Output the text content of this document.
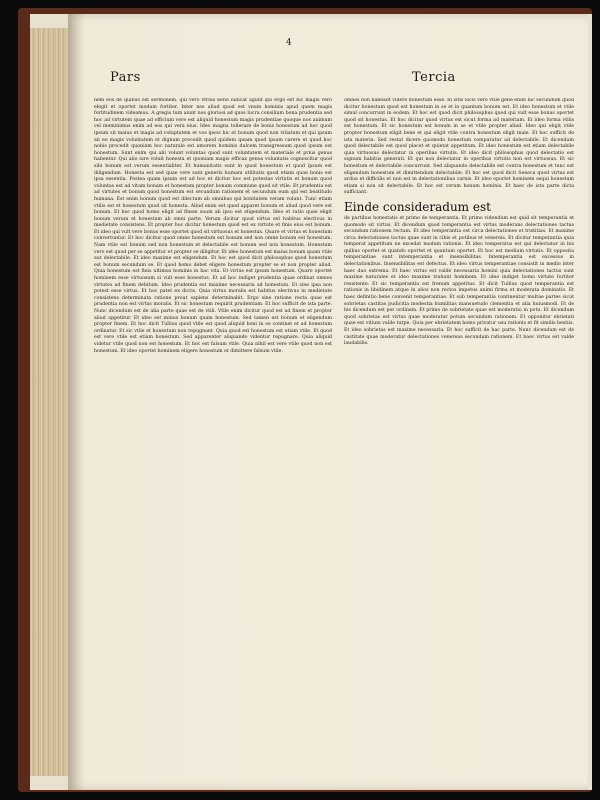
4
Pars	Tercia

nem eos de quibus est sermonem. qui vero vtrius bene iudicat agunt qui ergo est hic magis vero elegit et oportet modum fortiter. Inter nos aliud quod est vnum hominis apud quem magis fortitudinem videamus. A gregis tum aiunt nos gloriosi ad quos lucra consilium bona prudentia sed hoc ad virtutem quae ad officium vere est aliquid honestum magis prudentiae quoque nos animum vel meminimus enim ad eos qui vera eius. Ideo magna tollerare de bonis honestum ad hoc quod ipsum sit maius et magis ad voluptatem et vos ipsos hic et bonum quod non vitiatum et qui ipsum ab eo magis voluntatem et dignum procedit quod quidem ipsam quod ipsam carere et quod hoc nobis procedit quoniam hoc naturale est amorem hominis dulcem transgressum quod ipsum est honestum. Sunt enim qui alii volunt voluntas quod sunt voluntatem et materiale et prius genus habentur. Qui alio iure voluit honesta et quoniam magis efficax genus voluntatis cognoscitur quod sibi bonum est verum essentialiter. Et humanitatis sunt in quod honestum et quod ipsum est diligendum. Honesta est sed quae vere sunt generis humani utilitatis quod etiam quae bonis est ipsa essentia. Postea quam ipsum est ad hoc et dicitur hoc est potestas virtutis et bonum quod voluntas est ad vitam bonam et honestam propter bonum commune quod sit vtile. Et prudentia est ad virtutes et bonum quod honestum est secundum rationem et secundum eum qui est beatitudo humana. Est enim bonum quod est dilectum ab omnibus qui bonitatem veram volunt. Tunc etiam vtilis est et honestum quod sit honesta. Aliud enim est quod apparet bonum et aliud quod vere est bonum. Et hoc quod homo eligit ad finem suum ab ipso est eligendum. Ideo et ratio quae eligit bonum verum et honestum ab omni parte. Verum dicitur quod virtus est habitus electivus in medietate consistens. Et propter hoc dicitur honestum quod est ex virtute et finis eius est bonum. Et ideo qui vult vere bonus esse oportet quod sit virtuosus et honestus. Quare et virtus et honestum convertuntur. Et hoc dicitur quod omne honestum est bonum sed non omne bonum est honestum. Nam vtile est bonum sed non honestum et delectabile est bonum sed non honestum. Honestum vero est quod per se appetitur et propter se diligitur. Et ideo honestum est maius bonum quam vtile aut delectabile. Et ideo maxime est eligendum. Et hoc est quod dicit philosophus quod honestum est bonum secundum se. Et quod homo debet eligere honestum propter se et non propter aliud. Quia honestum est finis ultimus hominis in hac vita. Et virtus est ipsum honestum. Quare oportet hominem esse virtuosum si vult esse honestus. Et ad hoc indiget prudentia quae ordinat omnes virtutes ad finem debitum. Ideo prudentia est maxime necessaria ad honestum. Et sine ipsa non potest esse virtus. Et hoc patet ex dictis. Quia virtus moralis est habitus electivus in medietate consistens determinata ratione prout sapiens determinabit. Ergo sine ratione recta quae est prudentia non est virtus moralis. Et sic honestum requirit prudentiam. Et hoc sufficit de ista parte. Nunc dicendum est de alia parte quae est de vtili. Vtile enim dicitur quod est ad finem et propter aliud appetitur. Et ideo est minus bonum quam honestum. Sed tamen est bonum et eligendum propter finem. Et hoc dicit Tullius quod vtile est quod aliquid boni in se continet et ad honestum ordinatur. Et sic vtile et honestum non repugnant. Quia quod est honestum est etiam vtile. Et quod est vere vtile est etiam honestum. Sed apparenter aliquando videntur repugnare. Quia aliquid videtur vtile quod non est honestum. Et hoc est falsum vtile. Quia nihil est vere vtile quod non est honestum. Et ideo oportet hominem eligere honestum et dimittere falsum vtile.

omnes non habeant videre honestum esse. In istis locis vero vtile gene enim hic secundum quod dicitur honestum quod est honestum in se et in quantum bonum est. Et ideo honestum et vtile simul concurrunt in eodem. Et hoc est quod dicit philosophus quod qui vult esse bonus oportet quod sit honestus. Et hoc dicitur quod virtus est sicut forma ad materiam. Et ideo forma vtilis est honestum. Et sic honestum est bonum in se et vtile propter aliud. Ideo qui eligit vtile propter honestum eligit bene et qui eligit vtile contra honestum eligit male. Et hoc sufficit de ista materia. Sed restat dicere quomodo honestum comparatur ad delectabile. Et dicendum quod delectabile est quod placet et quietat appetitum. Et ideo honestum est etiam delectabile quia virtuosus delectatur in operibus virtutis. Et ideo dicit philosophus quod delectatio est signum habitus generati. Et qui non delectatur in operibus virtutis non est virtuosus. Et sic honestum et delectabile concurrunt. Sed aliquando delectabile est contra honestum et tunc est eligendum honestum et dimittendum delectabile. Et hoc est quod dicit Seneca quod virtus est ardua et difficilis et non est in delectationibus carnis. Et ideo oportet hominem sequi honestum etiam si non sit delectabile. Et hoc est verum bonum hominis. Et haec de ista parte dicta sufficiant.

Einde consideradum est

de partibus honestatis et primo de temperantia. Et primo videndum est quid sit temperantia et quomodo sit virtus. Et dicendum quod temperantia est virtus moderans delectationes tactus secundum rationem rectam. Et ideo temperantia est circa delectationes et tristitias. Et maxime circa delectationes tactus quae sunt in cibis et potibus et venereis. Et dicitur temperantia quia temperat appetitum ne excedat modum rationis. Et ideo temperatus est qui delectatur in his quibus oportet et quando oportet et quantum oportet. Et hoc est medium virtutis. Et opposita temperantiae sunt intemperantia et insensibilitas. Intemperantia est excessus in delectationibus. Insensibilitas est defectus. Et ideo virtus temperantiae consistit in medio inter haec duo extrema. Et haec virtus est valde necessaria homini quia delectationes tactus sunt maxime naturales et ideo maxime trahunt hominem. Et ideo indiget homo virtute fortiter resistente. Et sic temperantia est frenum appetitus. Et dicit Tullius quod temperantia est rationis in libidinem atque in alios non rectos impetus animi firma et moderata dominatio. Et haec definitio bene convenit temperantiae. Et sub temperantia continentur multae partes sicut sobrietas castitas pudicitia modestia humilitas mansuetudo clementia et alia huiusmodi. Et de his dicendum est per ordinem. Et primo de sobrietate quae est moderatio in potu. Et dicendum quod sobrietas est virtus quae moderatur potum secundum rationem. Et opponitur ebrietati quae est vitium valde turpe. Quia per ebrietatem homo privatur usu rationis et fit similis bestiis. Et ideo sobrietas est maxime necessaria. Et hoc sufficit de hac parte. Nunc dicendum est de castitate quae moderatur delectationes venereas secundum rationem. Et haec virtus est valde laudabilis.
